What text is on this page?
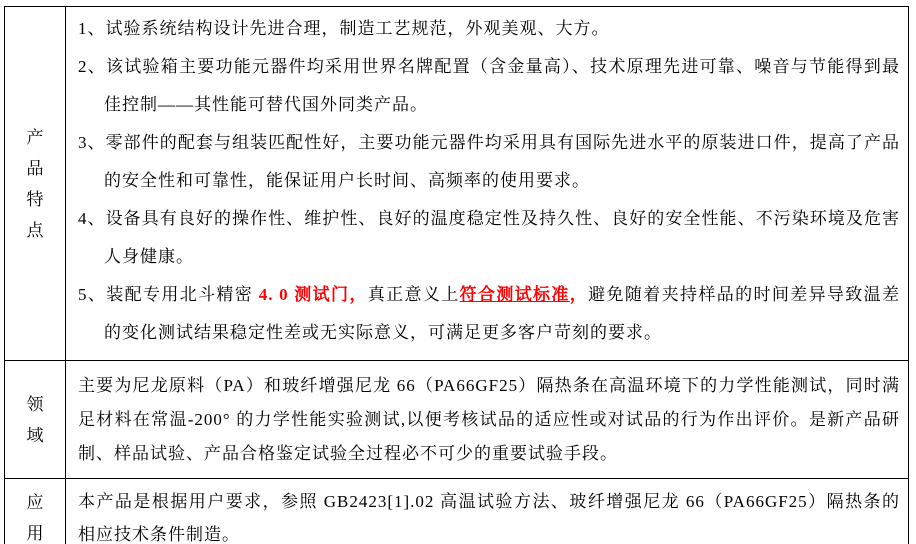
产品特点	1、试验系统结构设计先进合理，制造工艺规范，外观美观、大方。

2、该试验箱主要功能元器件均采用世界名牌配置（含金量高）、技术原理先进可靠、噪音与节能得到最佳控制——其性能可替代国外同类产品。

3、零部件的配套与组装匹配性好，主要功能元器件均采用具有国际先进水平的原装进口件，提高了产品的安全性和可靠性，能保证用户长时间、高频率的使用要求。

4、设备具有良好的操作性、维护性、良好的温度稳定性及持久性、良好的安全性能、不污染环境及危害人身健康。

5、装配专用北斗精密 4. 0 测试门，真正意义上符合测试标准，避免随着夹持样品的时间差异导致温差的变化测试结果稳定性差或无实际意义，可满足更多客户苛刻的要求。

领域	主要为尼龙原料（PA）和玻纤增强尼龙 66（PA66GF25）隔热条在高温环境下的力学性能测试，同时满足材料在常温-200° 的力学性能实验测试,以便考核试品的适应性或对试品的行为作出评价。是新产品研制、样品试验、产品合格鉴定试验全过程必不可少的重要试验手段。

应用	本产品是根据用户要求，参照 GB2423[1].02 高温试验方法、玻纤增强尼龙 66（PA66GF25）隔热条的相应技术条件制造。
